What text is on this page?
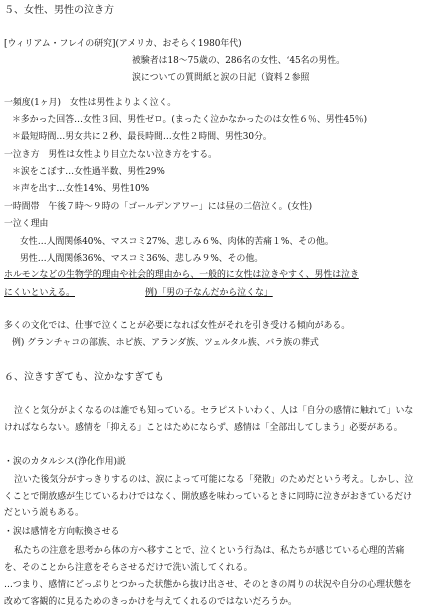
５、女性、男性の泣き方
[ウィリアム・フレイの研究](アメリカ、おそらく1980年代)
被験者は18〜75歳の、286名の女性、‘45名の男性。
涙についての質問紙と涙の日記（資料２参照
一頻度(1ヶ月)　女性は男性よりよく泣く。
＊多かった回答…女性３回、男性ゼロ。(まったく泣かなかったのは女性６％、男性45％)
＊最短時間…男女共に２秒、最長時間…女性２時間、男性30分。
一泣き方　男性は女性より目立たない泣き方をする。
＊涙をこぼす…女性過半数、男性29%
＊声を出す…女性14%、男性10%
一時間帯　午後７時〜９時の「ゴールデンアワー」には昼の二倍泣く。(女性)
一泣く理由
女性…人間関係40%、マスコミ27%、悲しみ６%、肉体的苦痛１%、その他。
男性…人間関係36%、マスコミ36%、悲しみ９%、その他。
ホルモンなどの生物学的理由や社会的理由から、一般的に女性は泣きやすく、男性は泣き
にくいといえる。	例)「男の子なんだから泣くな」
多くの文化では、仕事で泣くことが必要になれば女性がそれを引き受ける傾向がある。
例) グランチャコの部族、ホピ族、アランダ族、ツェルタル族、バラ族の葬式
６、泣きすぎても、泣かなすぎても
泣くと気分がよくなるのは誰でも知っている。セラピストいわく、人は「自分の感情に触れて」いなければならない。感情を「抑える」ことはためにならず、感情は「全部出してしまう」必要がある。
・涙のカタルシス(浄化作用)説
泣いた後気分がすっきりするのは、涙によって可能になる「発散」のためだという考え。しかし、泣くことで開放感が生じているわけではなく、開放感を味わっているときに同時に泣きがおきているだけだという説もある。
・涙は感情を方向転換させる
私たちの注意を思考から体の方へ移すことで、泣くという行為は、私たちが感じている心理的苦痛を、そのことから注意をそらさせるだけで洗い流してくれる。
…つまり、感情にどっぷりとつかった状態から抜け出させ、そのときの周りの状況や自分の心理状態を改めて客観的に見るためのきっかけを与えてくれるのではないだろうか。
